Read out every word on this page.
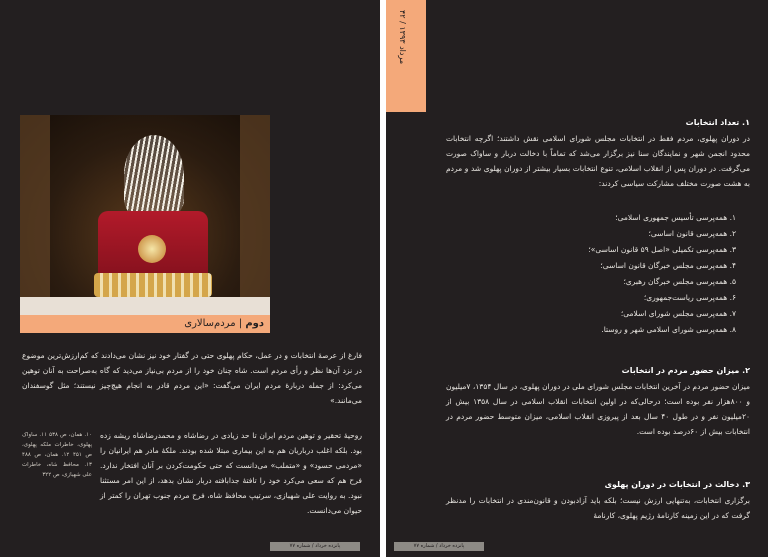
دوم | مردم‌سالاری
فارغ از عرصهٔ انتخابات و در عمل، حکام پهلوی حتی در گفتار خود نیز نشان می‌دادند که کم‌ارزش‌ترین موضوع در نزد آن‌ها نظر و رأی مردم است. شاه چنان خود را از مردم بی‌نیاز می‌دید که گاه به‌صراحت به آنان توهین می‌کرد: از جمله دربارهٔ مردم ایران می‌گفت: «این مردم قادر به انجام هیچ‌چیز نیستند؛ مثل گوسفندان می‌مانند.»
۱۰. همان، ص ۵۳۸ ۱۱. ساواک پهلوی، خاطرات ملکه پهلوی، ص ۴۵۱ ۱۲. همان، ص ۴۸۸ ۱۳. محافظ شاه، خاطرات علی شهبازی، ص ۳۲۲
روحیهٔ تحقیر و توهین مردم ایران تا حد زیادی در رضاشاه و محمدرضاشاه ریشه زده بود. بلکه اغلب درباریان هم به این بیماری مبتلا شده بودند. ملکهٔ مادر هم ایرانیان را «مردمی حسود» و «متملب» می‌دانست که حتی حکومت‌کردن بر آنان افتخار ندارد. فرح هم که سعی می‌کرد خود را تافتهٔ جدابافته دربار نشان بدهد، از این امر مستثنا نبود. به روایت علی شهبازی، سرتیپ محافظ شاه، فرح مردم جنوب تهران را کمتر از حیوان می‌دانست.
پانزده خرداد / شماره ۷۷
۴۲ / مرداد ۱۳۹۳
۱. تعداد انتخابات
در دوران پهلوی، مردم فقط در انتخابات مجلس شورای اسلامی نقش داشتند؛ اگرچه انتخابات محدود انجمن شهر و نمایندگان سنا نیز برگزار می‌شد که تماماً با دخالت دربار و ساواک صورت می‌گرفت. در دوران پس از انقلاب اسلامی، تنوع انتخابات بسیار بیشتر از دوران پهلوی شد و مردم به هشت صورت مختلف مشارکت سیاسی کردند:
۱. همه‌پرسی تأسیس جمهوری اسلامی؛
۲. همه‌پرسی قانون اساسی؛
۳. همه‌پرسی تکمیلی «اصل ۵۹ قانون اساسی»؛
۴. همه‌پرسی مجلس خبرگان قانون اساسی؛
۵. همه‌پرسی مجلس خبرگان رهبری؛
۶. همه‌پرسی ریاست‌جمهوری؛
۷. همه‌پرسی مجلس شورای اسلامی؛
۸. همه‌پرسی شورای اسلامی شهر و روستا.
۲. میزان حضور مردم در انتخابات
میزان حضور مردم در آخرین انتخابات مجلس شورای ملی در دوران پهلوی، در سال ۱۳۵۴، ۷میلیون و ۸۰۰هزار نفر بوده است؛ درحالی‌که در اولین انتخابات انقلاب اسلامی در سال ۱۳۵۸ بیش از ۲۰میلیون نفر و در طول ۴۰ سال بعد از پیروزی انقلاب اسلامی، میزان متوسط حضور مردم در انتخابات بیش از ۶۰درصد بوده است.
۳. دخالت در انتخابات در دوران پهلوی
برگزاری انتخابات، به‌تنهایی ارزش نیست؛ بلکه باید آزادبودن و قانون‌مندی در انتخابات را مدنظر گرفت که در این زمینه کارنامهٔ رژیم پهلوی، کارنامهٔ
پانزده خرداد / شماره ۷۷
